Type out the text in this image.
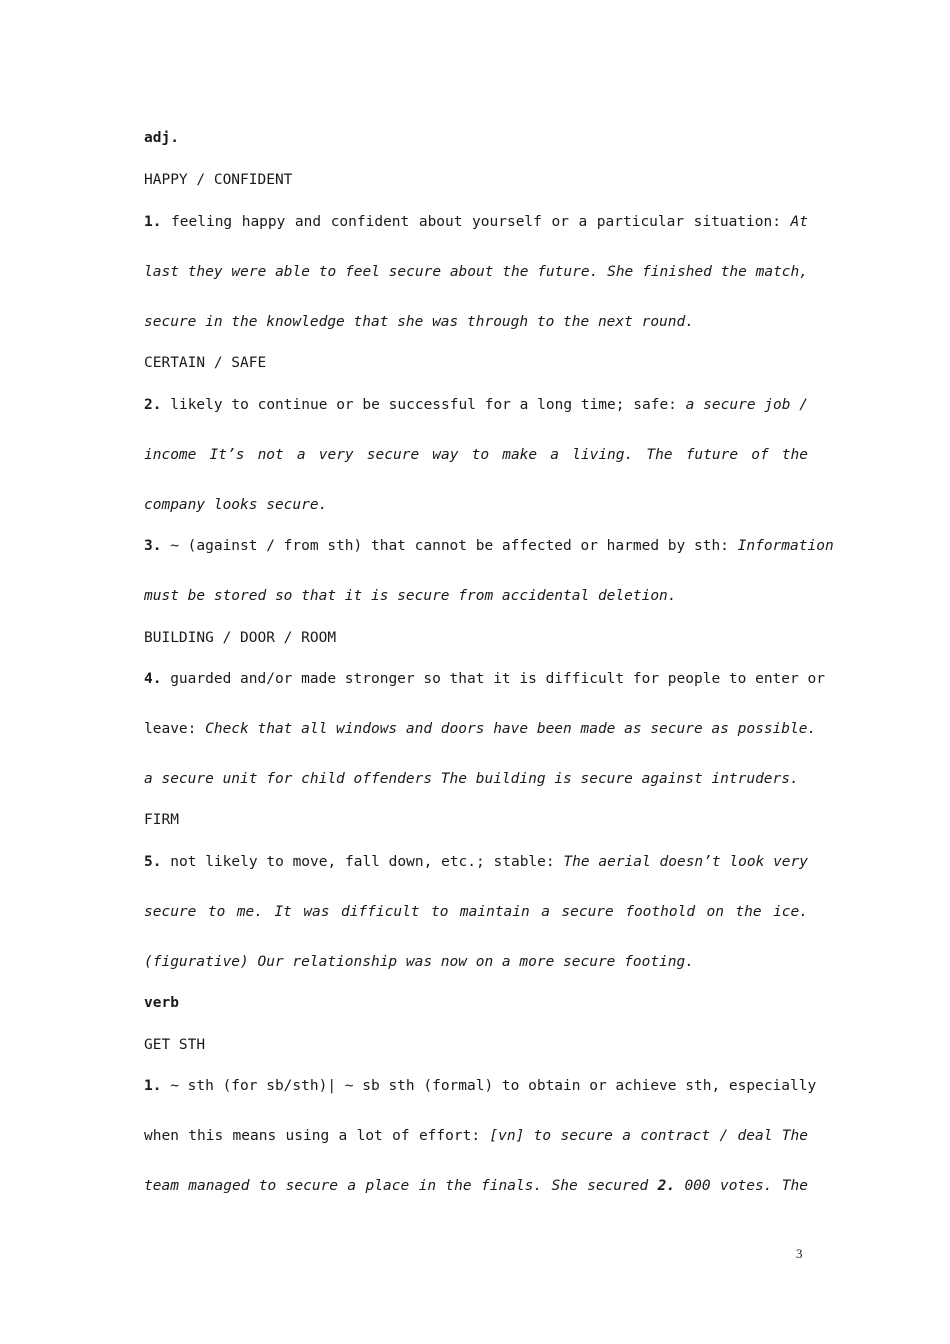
adj.
HAPPY / CONFIDENT
1. feeling happy and confident about yourself or a particular situation: At
last they were able to feel secure about the future. She finished the match,
secure in the knowledge that she was through to the next round.
CERTAIN / SAFE
2. likely to continue or be successful for a long time; safe: a secure job /
income It’s not a very secure way to make a living. The future of the
company looks secure.
3. ~ (against / from sth) that cannot be affected or harmed by sth: Information
must be stored so that it is secure from accidental deletion.
BUILDING / DOOR / ROOM
4. guarded and/or made stronger so that it is difficult for people to enter or
leave: Check that all windows and doors have been made as secure as possible.
a secure unit for child offenders The building is secure against intruders.
FIRM
5. not likely to move, fall down, etc.; stable: The aerial doesn’t look very
secure to me. It was difficult to maintain a secure foothold on the ice.
(figurative) Our relationship was now on a more secure footing.
verb
GET STH
1. ~ sth (for sb/sth)| ~ sb sth (formal) to obtain or achieve sth, especially
when this means using a lot of effort: [vn] to secure a contract / deal The
team managed to secure a place in the finals. She secured 2. 000 votes. The
3
